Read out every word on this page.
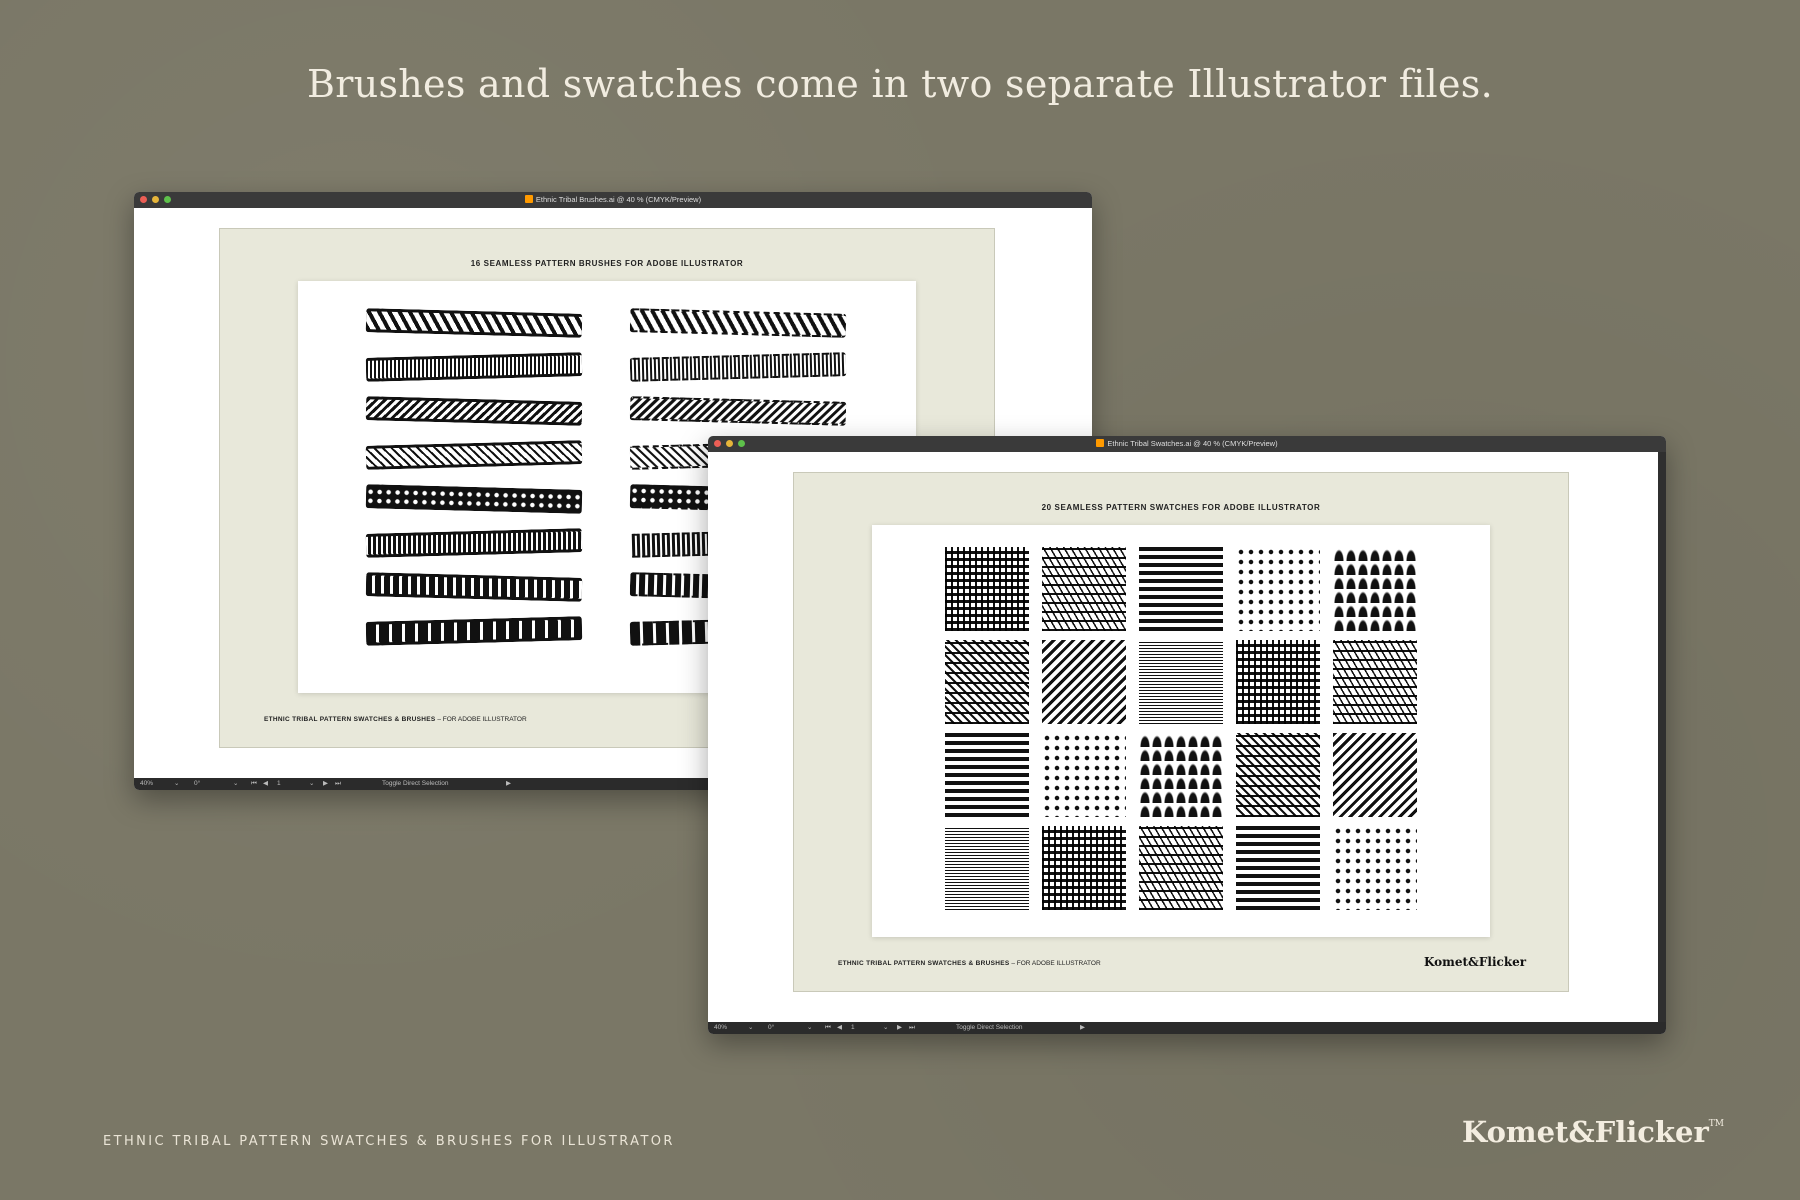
Brushes and swatches come in two separate Illustrator files.
Ethnic Tribal Brushes.ai @ 40 % (CMYK/Preview)
16 SEAMLESS PATTERN BRUSHES FOR ADOBE ILLUSTRATOR
ETHNIC TRIBAL PATTERN SWATCHES & BRUSHES – FOR ADOBE ILLUSTRATOR
40%	⌄ 0°	⌄ ⏮ ◀ 1	⌄ ▶ ⏭	Toggle Direct Selection	▶
Ethnic Tribal Swatches.ai @ 40 % (CMYK/Preview)
20 SEAMLESS PATTERN SWATCHES FOR ADOBE ILLUSTRATOR
ETHNIC TRIBAL PATTERN SWATCHES & BRUSHES – FOR ADOBE ILLUSTRATOR	Komet&Flicker
40%	⌄ 0°	⌄ ⏮ ◀ 1	⌄ ▶ ⏭	Toggle Direct Selection	▶
ETHNIC TRIBAL PATTERN SWATCHES & BRUSHES FOR ILLUSTRATOR	Komet&Flicker™
